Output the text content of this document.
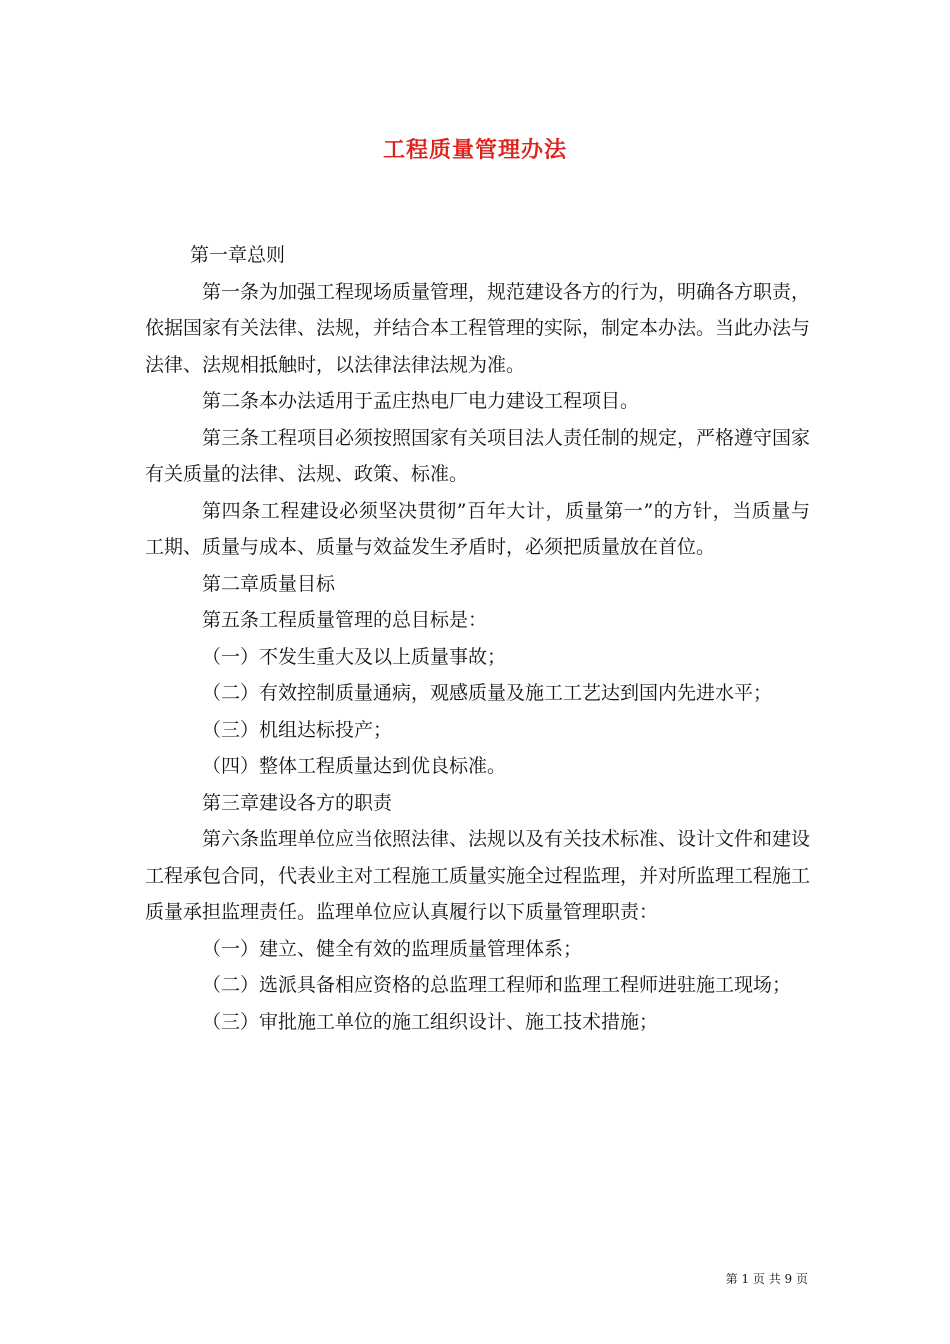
工程质量管理办法

第一章总则

第一条为加强工程现场质量管理，规范建设各方的行为，明确各方职责，依据国家有关法律、法规，并结合本工程管理的实际，制定本办法。当此办法与法律、法规相抵触时，以法律法律法规为准。

第二条本办法适用于孟庄热电厂电力建设工程项目。

第三条工程项目必须按照国家有关项目法人责任制的规定，严格遵守国家有关质量的法律、法规、政策、标准。

第四条工程建设必须坚决贯彻”百年大计，质量第一”的方针，当质量与工期、质量与成本、质量与效益发生矛盾时，必须把质量放在首位。

第二章质量目标

第五条工程质量管理的总目标是：

（一）不发生重大及以上质量事故；

（二）有效控制质量通病，观感质量及施工工艺达到国内先进水平；

（三）机组达标投产；

（四）整体工程质量达到优良标准。

第三章建设各方的职责

第六条监理单位应当依照法律、法规以及有关技术标准、设计文件和建设工程承包合同，代表业主对工程施工质量实施全过程监理，并对所监理工程施工质量承担监理责任。监理单位应认真履行以下质量管理职责：

（一）建立、健全有效的监理质量管理体系；

（二）选派具备相应资格的总监理工程师和监理工程师进驻施工现场；

（三）审批施工单位的施工组织设计、施工技术措施；

第 1 页 共 9 页
